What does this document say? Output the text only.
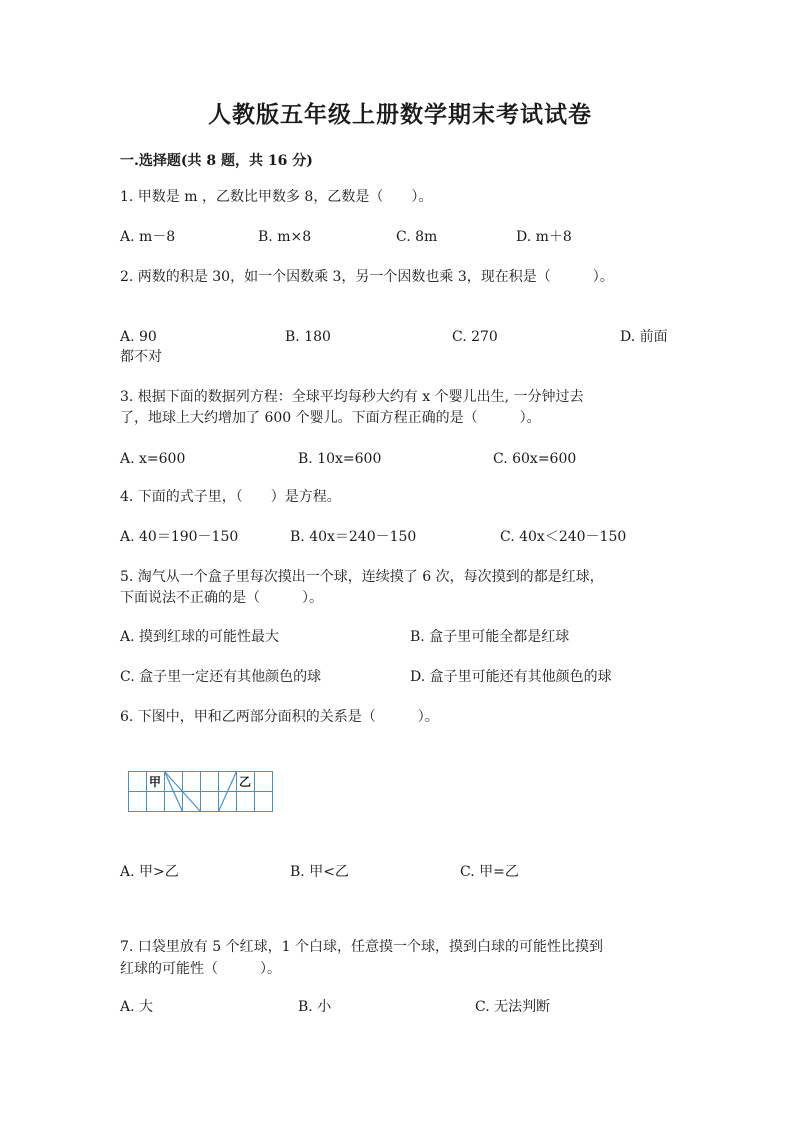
人教版五年级上册数学期末考试试卷
一.选择题(共 8 题，共 16 分)
1. 甲数是 m ，乙数比甲数多 8，乙数是（　　）。
A. m－8	B. m×8	C. 8m	D. m＋8
2. 两数的积是 30，如一个因数乘 3，另一个因数也乘 3，现在积是（　　　）。
A. 90	B. 180	C. 270	D. 前面
都不对
3. 根据下面的数据列方程：全球平均每秒大约有 x 个婴儿出生, 一分钟过去
了，地球上大约增加了 600 个婴儿。下面方程正确的是（　　　）。
A. x=600	B. 10x=600	C. 60x=600
4. 下面的式子里，（　　）是方程。
A. 40＝190－150	B. 40x＝240－150	C. 40x＜240－150
5. 淘气从一个盒子里每次摸出一个球，连续摸了 6 次，每次摸到的都是红球，
下面说法不正确的是（　　　）。
A. 摸到红球的可能性最大	B. 盒子里可能全都是红球
C. 盒子里一定还有其他颜色的球	D. 盒子里可能还有其他颜色的球
6. 下图中，甲和乙两部分面积的关系是（　　　）。
甲	乙
A. 甲>乙	B. 甲<乙	C. 甲=乙
7. 口袋里放有 5 个红球，1 个白球，任意摸一个球，摸到白球的可能性比摸到
红球的可能性（　　　）。
A. 大	B. 小	C. 无法判断
